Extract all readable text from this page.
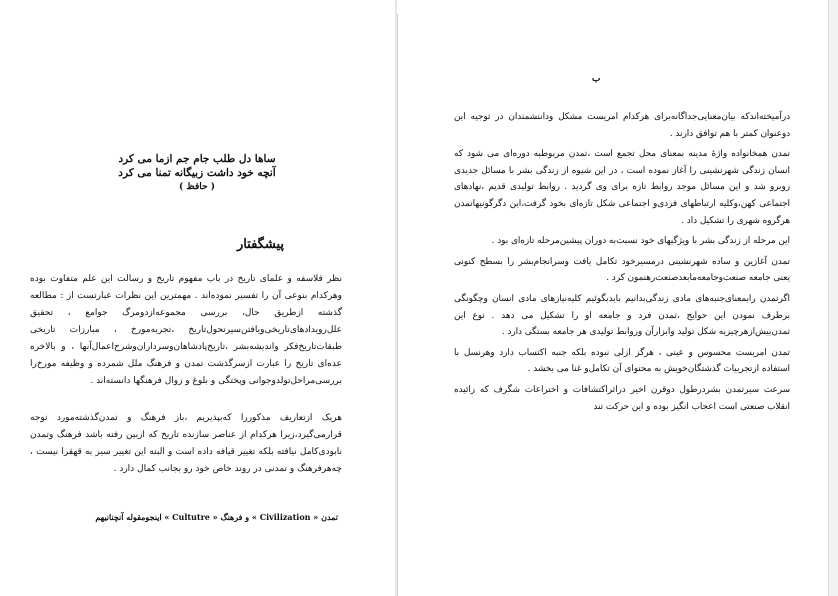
ساها دل طلب جام جم ازما می کرد
آنچه خود داشت زبیگانه تمنا می کرد
( حافظ )
پیشگفتار

نظر فلاسفه و علمای تاریخ در باب مفهوم تاریخ و رسالت این علم متفاوت بوده وهرکدام بنوعی آن را تفسیر نموده‌اند . مهمترین این نظرات عبارتست از : مطالعه گذشته ازطریق حال، بررسی مجموعه‌ازدومرگ جوامع ، تحقیق علل‌رویدادهای‌تاریخی‌ویافتن‌سیرتحول‌تاریخ ،تجربه‌مورخ ، مبارزات تاریخی طبقات‌تاریخ‌فکر واندیشه‌بشر ،تاریخ‌پادشاهان‌وسرداران‌وشرح‌اعمال‌آنها ، و بالاخره عده‌ای تاریخ را عبارت ازسرگذشت تمدن و فرهنگ ملل شمرده و وظیفه مورخ‌را بررسی‌مراحل‌تولدوجوانی وپختگی و بلوغ و زوال فرهنگها دانسته‌اند .

هریک ازتعاریف مذکوررا که‌بپذیریم ،باز فرهنگ و تمدن‌گذشته‌مورد توجه قرارمی‌گیرد،زیرا هرکدام از عناصر سازنده تاریخ که ازبین رفته باشد فرهنگ وتمدن نابودی‌کامل نیافته بلکه تغییر قیافه داده است و البته این تغییر سیر به قهقرا نیست ، چه‌هرفرهنگ و تمدنی در روند خاص خود رو بجانب کمال دارد .

تمدن « Civilization » و فرهنگ « Cultutre » اینجومقوله آنچنانیهم
ب

درآمیخته‌اندکه بیان‌معنایی‌جداگانه‌برای هرکدام امریست مشکل وداننشمندان در توجیه این دوعنوان کمتر با هم توافق دارند .

تمدن همخانواده واژهٔ مدینه بمعنای محل تجمع است ،تمدن مربوطبه دوره‌ای می شود که انسان زندگی شهرنشینی را آغاز نموده است ، در این شیوه از زندگی بشر با مسائل جدیدی روبرو شد و این مسائل موجد روابط تازه برای وی گردید . روابط تولیدی قدیم ،نهادهای اجتماعی کهن،وکلیه ارتباطهای فردی‌و اجتماعی شکل تازه‌ای بخود گرفت،این دگرگونیها‌تمدن هرگروه شهری را تشکیل داد .

این مرحله از زندگی بشر با ویژگیهای خود نسبت‌به دوران پیشین‌مرحله تازه‌ای بود .

تمدن آغازین و ساده شهرنشینی درمسیرخود تکامل یافت وسرانجام‌بشر را بسطح کنونی یعنی جامعه صنعت‌وجامعه‌مابعدصنعت‌رهنمون کرد .

اگرتمدن رابمعنای‌جنبه‌های مادی زندگی‌بدانیم بایدبگوئیم کلیه‌نیازهای مادی انسان وچگونگی برطرف نمودن این حوایج ،تمدن فرد و جامعه او را تشکیل می دهد . نوع این تمدن‌بیش‌ازهرچیزبه شکل تولید وابزارآن ‌وروابط تولیدی هر جامعه بستگی دارد .

تمدن امریست محسوس و عینی ، هرگز ازلی نبوده بلکه جنبه اکتساب دارد وهرنسل با استفاده ازتجربیات گذشتگان‌خویش به محتوای آن تکامل‌و غنا می بخشد .

سرعت سیرتمدن بشردرطول دوقرن اخیر دراثراکتشافات و اختراعات شگرف که زائیده انقلاب صنعتی است اعجاب انگیز بوده و این حرکت تند
